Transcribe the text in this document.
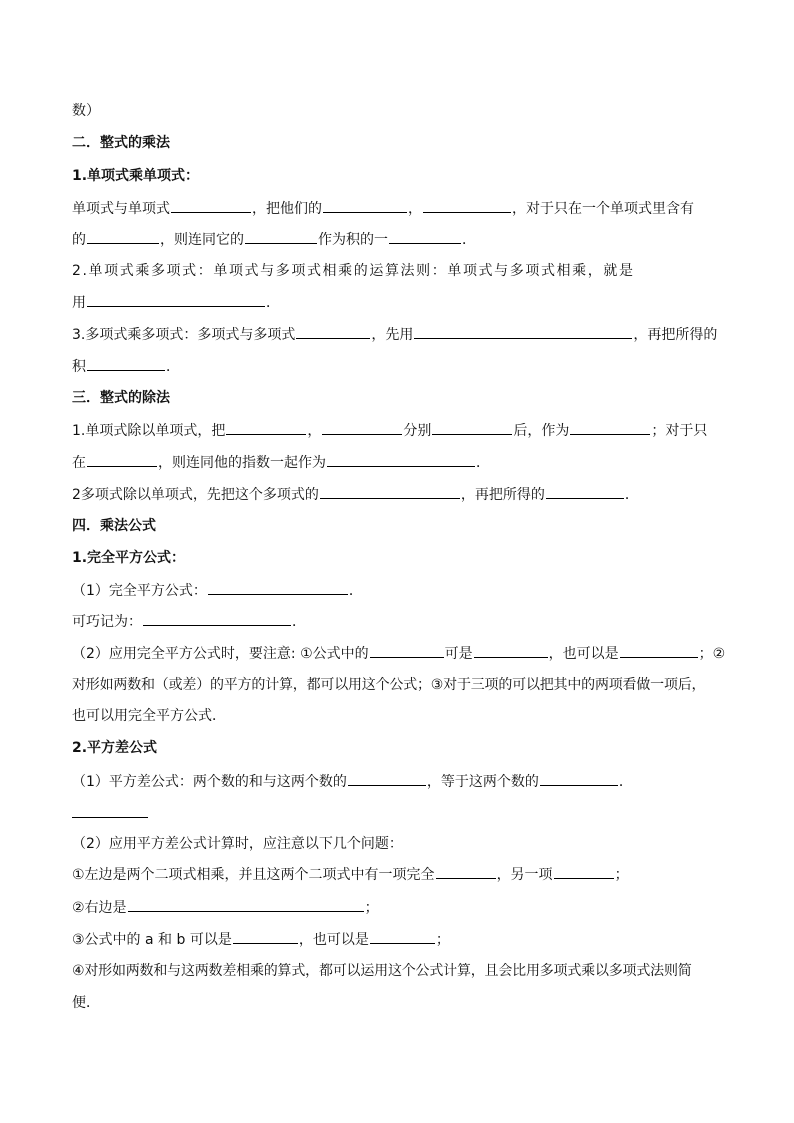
数）
二．整式的乘法
1.单项式乘单项式：
单项式与单项式	，把他们的	，	，对于只在一个单项式里含有
的	，则连同它的	作为积的一	．
2.单项式乘多项式：单项式与多项式相乘的运算法则：单项式与多项式相乘，就是
用	．
3.多项式乘多项式：多项式与多项式	，先用	，再把所得的
积	．
三．整式的除法
1.单项式除以单项式，把	，	分别	后，作为	；对于只
在	，则连同他的指数一起作为	．
2多项式除以单项式，先把这个多项式的	，再把所得的	．
四．乘法公式
1.完全平方公式：
（1）完全平方公式：	．
可巧记为：	．
（2）应用完全平方公式时，要注意: ①公式中的	可是	，也可以是	；②
对形如两数和（或差）的平方的计算，都可以用这个公式；③对于三项的可以把其中的两项看做一项后，
也可以用完全平方公式．
2.平方差公式
（1）平方差公式：两个数的和与这两个数的	，等于这两个数的	．
（2）应用平方差公式计算时，应注意以下几个问题：
①左边是两个二项式相乘，并且这两个二项式中有一项完全	，另一项	；
②右边是	；
③公式中的 a 和 b 可以是	，也可以是	；
④对形如两数和与这两数差相乘的算式，都可以运用这个公式计算，且会比用多项式乘以多项式法则简
便．
